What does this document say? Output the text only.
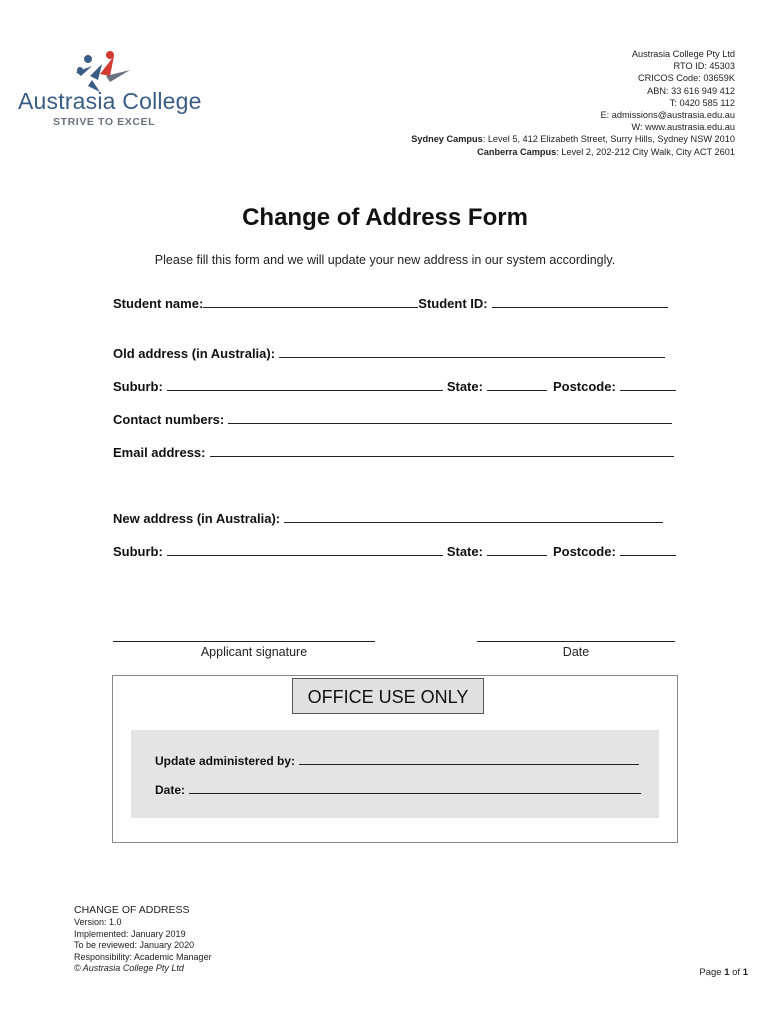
Austrasia College
STRIVE TO EXCEL
Austrasia College Pty Ltd
RTO ID: 45303
CRICOS Code: 03659K
ABN: 33 616 949 412
T: 0420 585 112
E: admissions@austrasia.edu.au
W: www.austrasia.edu.au
Sydney Campus: Level 5, 412 Elizabeth Street, Surry Hills, Sydney NSW 2010
Canberra Campus: Level 2, 202-212 City Walk, City ACT 2601
Change of Address Form
Please fill this form and we will update your new address in our system accordingly.
Student name:	Student ID:
Old address (in Australia):
Suburb:	State:	Postcode:
Contact numbers:
Email address:
New address (in Australia):
Suburb:	State:	Postcode:
Applicant signature	Date
OFFICE USE ONLY
Update administered by:
Date:
CHANGE OF ADDRESS
Version: 1.0
Implemented: January 2019
To be reviewed: January 2020
Responsibility: Academic Manager
© Austrasia College Pty Ltd	Page 1 of 1
